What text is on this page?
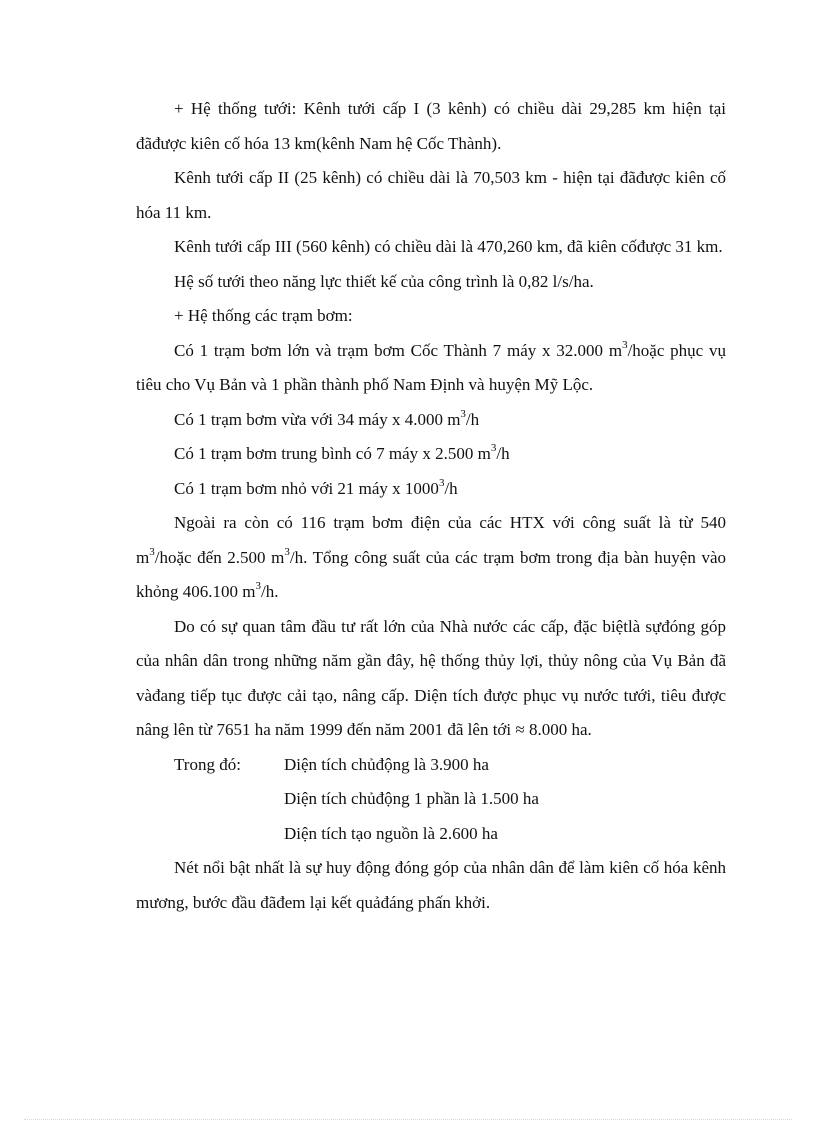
+ Hệ thống tưới: Kênh tưới cấp I (3 kênh) có chiều dài 29,285 km hiện tại đãđược kiên cố hóa 13 km(kênh Nam hệ Cốc Thành).

Kênh tưới cấp II (25 kênh) có chiều dài là 70,503 km - hiện tại đãđược kiên cố hóa 11 km.

Kênh tưới cấp III (560 kênh) có chiều dài là 470,260 km, đã kiên cốđược 31 km.

Hệ số tưới theo năng lực thiết kế của công trình là 0,82 l/s/ha.

+ Hệ thống các trạm bơm:

Có 1 trạm bơm lớn và trạm bơm Cốc Thành 7 máy x 32.000 $m^3$/hoặc phục vụ tiêu cho Vụ Bản và 1 phần thành phố Nam Định và huyện Mỹ Lộc.

Có 1 trạm bơm vừa với 34 máy x 4.000 $m^3/h$

Có 1 trạm bơm trung bình có 7 máy x 2.500 $m^3/h$

Có 1 trạm bơm nhỏ với 21 máy x 1000$^3$/h

Ngoài ra còn có 116 trạm bơm điện của các HTX với công suất là từ 540 $m^3$/hoặc đến 2.500 $m^3/h$. Tổng công suất của các trạm bơm trong địa bàn huyện vào khỏng 406.100 $m^3/h$.

Do có sự quan tâm đầu tư rất lớn của Nhà nước các cấp, đặc biệtlà sựđóng góp của nhân dân trong những năm gần đây, hệ thống thủy lợi, thủy nông của Vụ Bản đã vàđang tiếp tục được cải tạo, nâng cấp. Diện tích được phục vụ nước tưới, tiêu được nâng lên từ 7651 ha năm 1999 đến năm 2001 đã lên tới ≈ 8.000 ha.

Trong đó:	Diện tích chủđộng là 3.900 ha
Diện tích chủđộng 1 phần là 1.500 ha
Diện tích tạo nguồn là 2.600 ha

Nét nổi bật nhất là sự huy động đóng góp của nhân dân để làm kiên cố hóa kênh mương, bước đầu đãđem lại kết quảđáng phấn khởi.
